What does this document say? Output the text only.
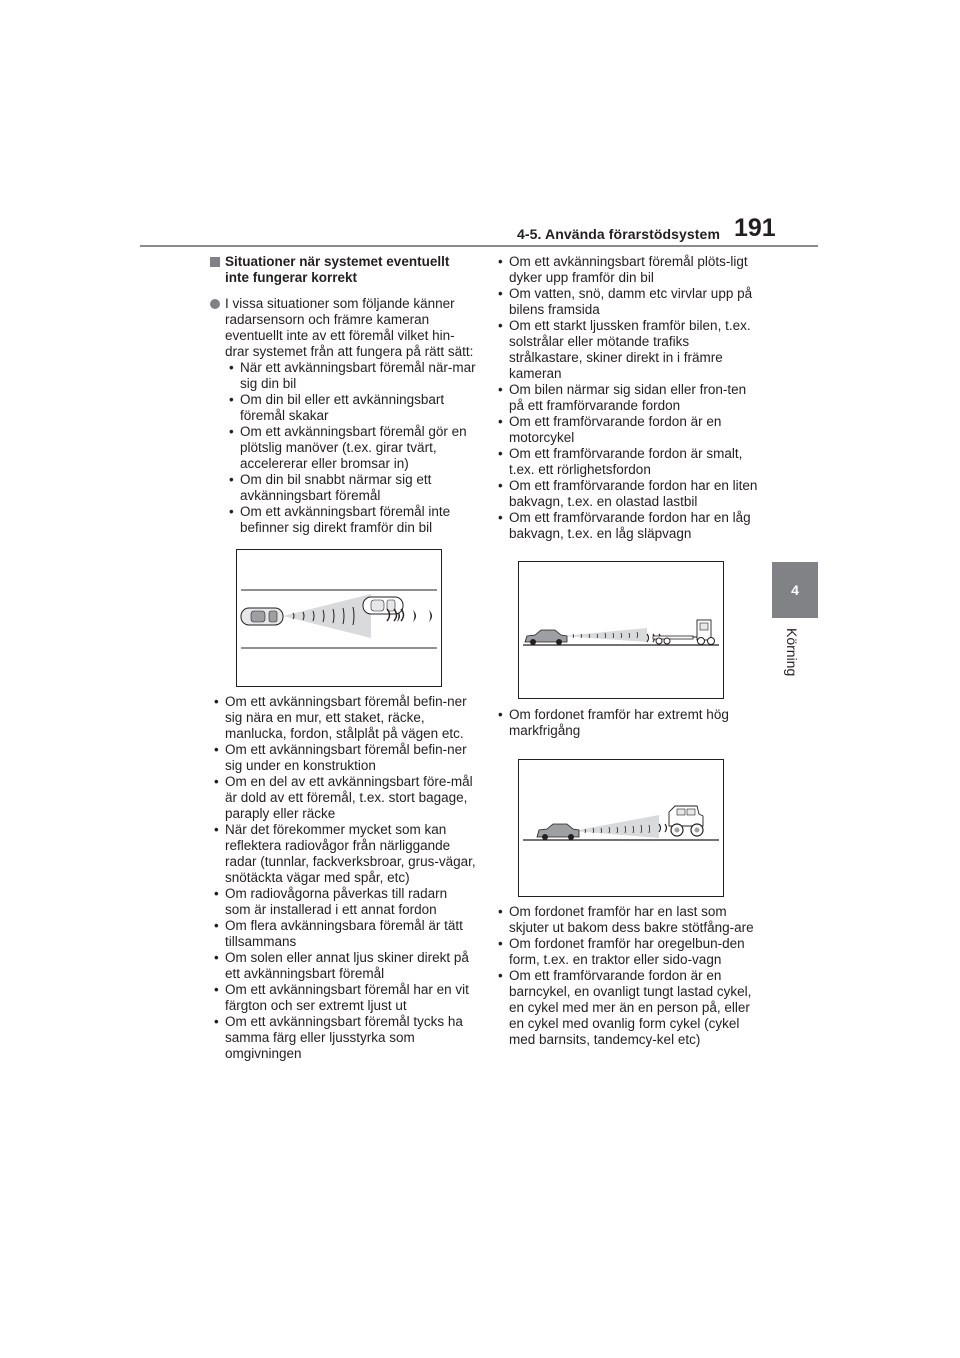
4-5. Använda förarstödsystem 191
4
Körning
Situationer när systemet eventuellt inte fungerar korrekt
I vissa situationer som följande känner radarsensorn och främre kameran eventuellt inte av ett föremål vilket hin-drar systemet från att fungera på rätt sätt:
• När ett avkänningsbart föremål när-mar sig din bil
• Om din bil eller ett avkänningsbart föremål skakar
• Om ett avkänningsbart föremål gör en plötslig manöver (t.ex. girar tvärt, accelererar eller bromsar in)
• Om din bil snabbt närmar sig ett avkänningsbart föremål
• Om ett avkänningsbart föremål inte befinner sig direkt framför din bil
• Om ett avkänningsbart föremål befin-ner sig nära en mur, ett staket, räcke, manlucka, fordon, stålplåt på vägen etc.
• Om ett avkänningsbart föremål befin-ner sig under en konstruktion
• Om en del av ett avkänningsbart före-mål är dold av ett föremål, t.ex. stort bagage, paraply eller räcke
• När det förekommer mycket som kan reflektera radiovågor från närliggande radar (tunnlar, fackverksbroar, grus-vägar, snötäckta vägar med spår, etc)
• Om radiovågorna påverkas till radarn som är installerad i ett annat fordon
• Om flera avkänningsbara föremål är tätt tillsammans
• Om solen eller annat ljus skiner direkt på ett avkänningsbart föremål
• Om ett avkänningsbart föremål har en vit färgton och ser extremt ljust ut
• Om ett avkänningsbart föremål tycks ha samma färg eller ljusstyrka som omgivningen
• Om ett avkänningsbart föremål plöts-ligt dyker upp framför din bil
• Om vatten, snö, damm etc virvlar upp på bilens framsida
• Om ett starkt ljussken framför bilen, t.ex. solstrålar eller mötande trafiks strålkastare, skiner direkt in i främre kameran
• Om bilen närmar sig sidan eller fron-ten på ett framförvarande fordon
• Om ett framförvarande fordon är en motorcykel
• Om ett framförvarande fordon är smalt, t.ex. ett rörlighetsfordon
• Om ett framförvarande fordon har en liten bakvagn, t.ex. en olastad lastbil
• Om ett framförvarande fordon har en låg bakvagn, t.ex. en låg släpvagn
• Om fordonet framför har extremt hög markfrigång
• Om fordonet framför har en last som skjuter ut bakom dess bakre stötfång-are
• Om fordonet framför har oregelbun-den form, t.ex. en traktor eller sido-vagn
• Om ett framförvarande fordon är en barncykel, en ovanligt tungt lastad cykel, en cykel med mer än en person på, eller en cykel med ovanlig form cykel (cykel med barnsits, tandemcy-kel etc)
